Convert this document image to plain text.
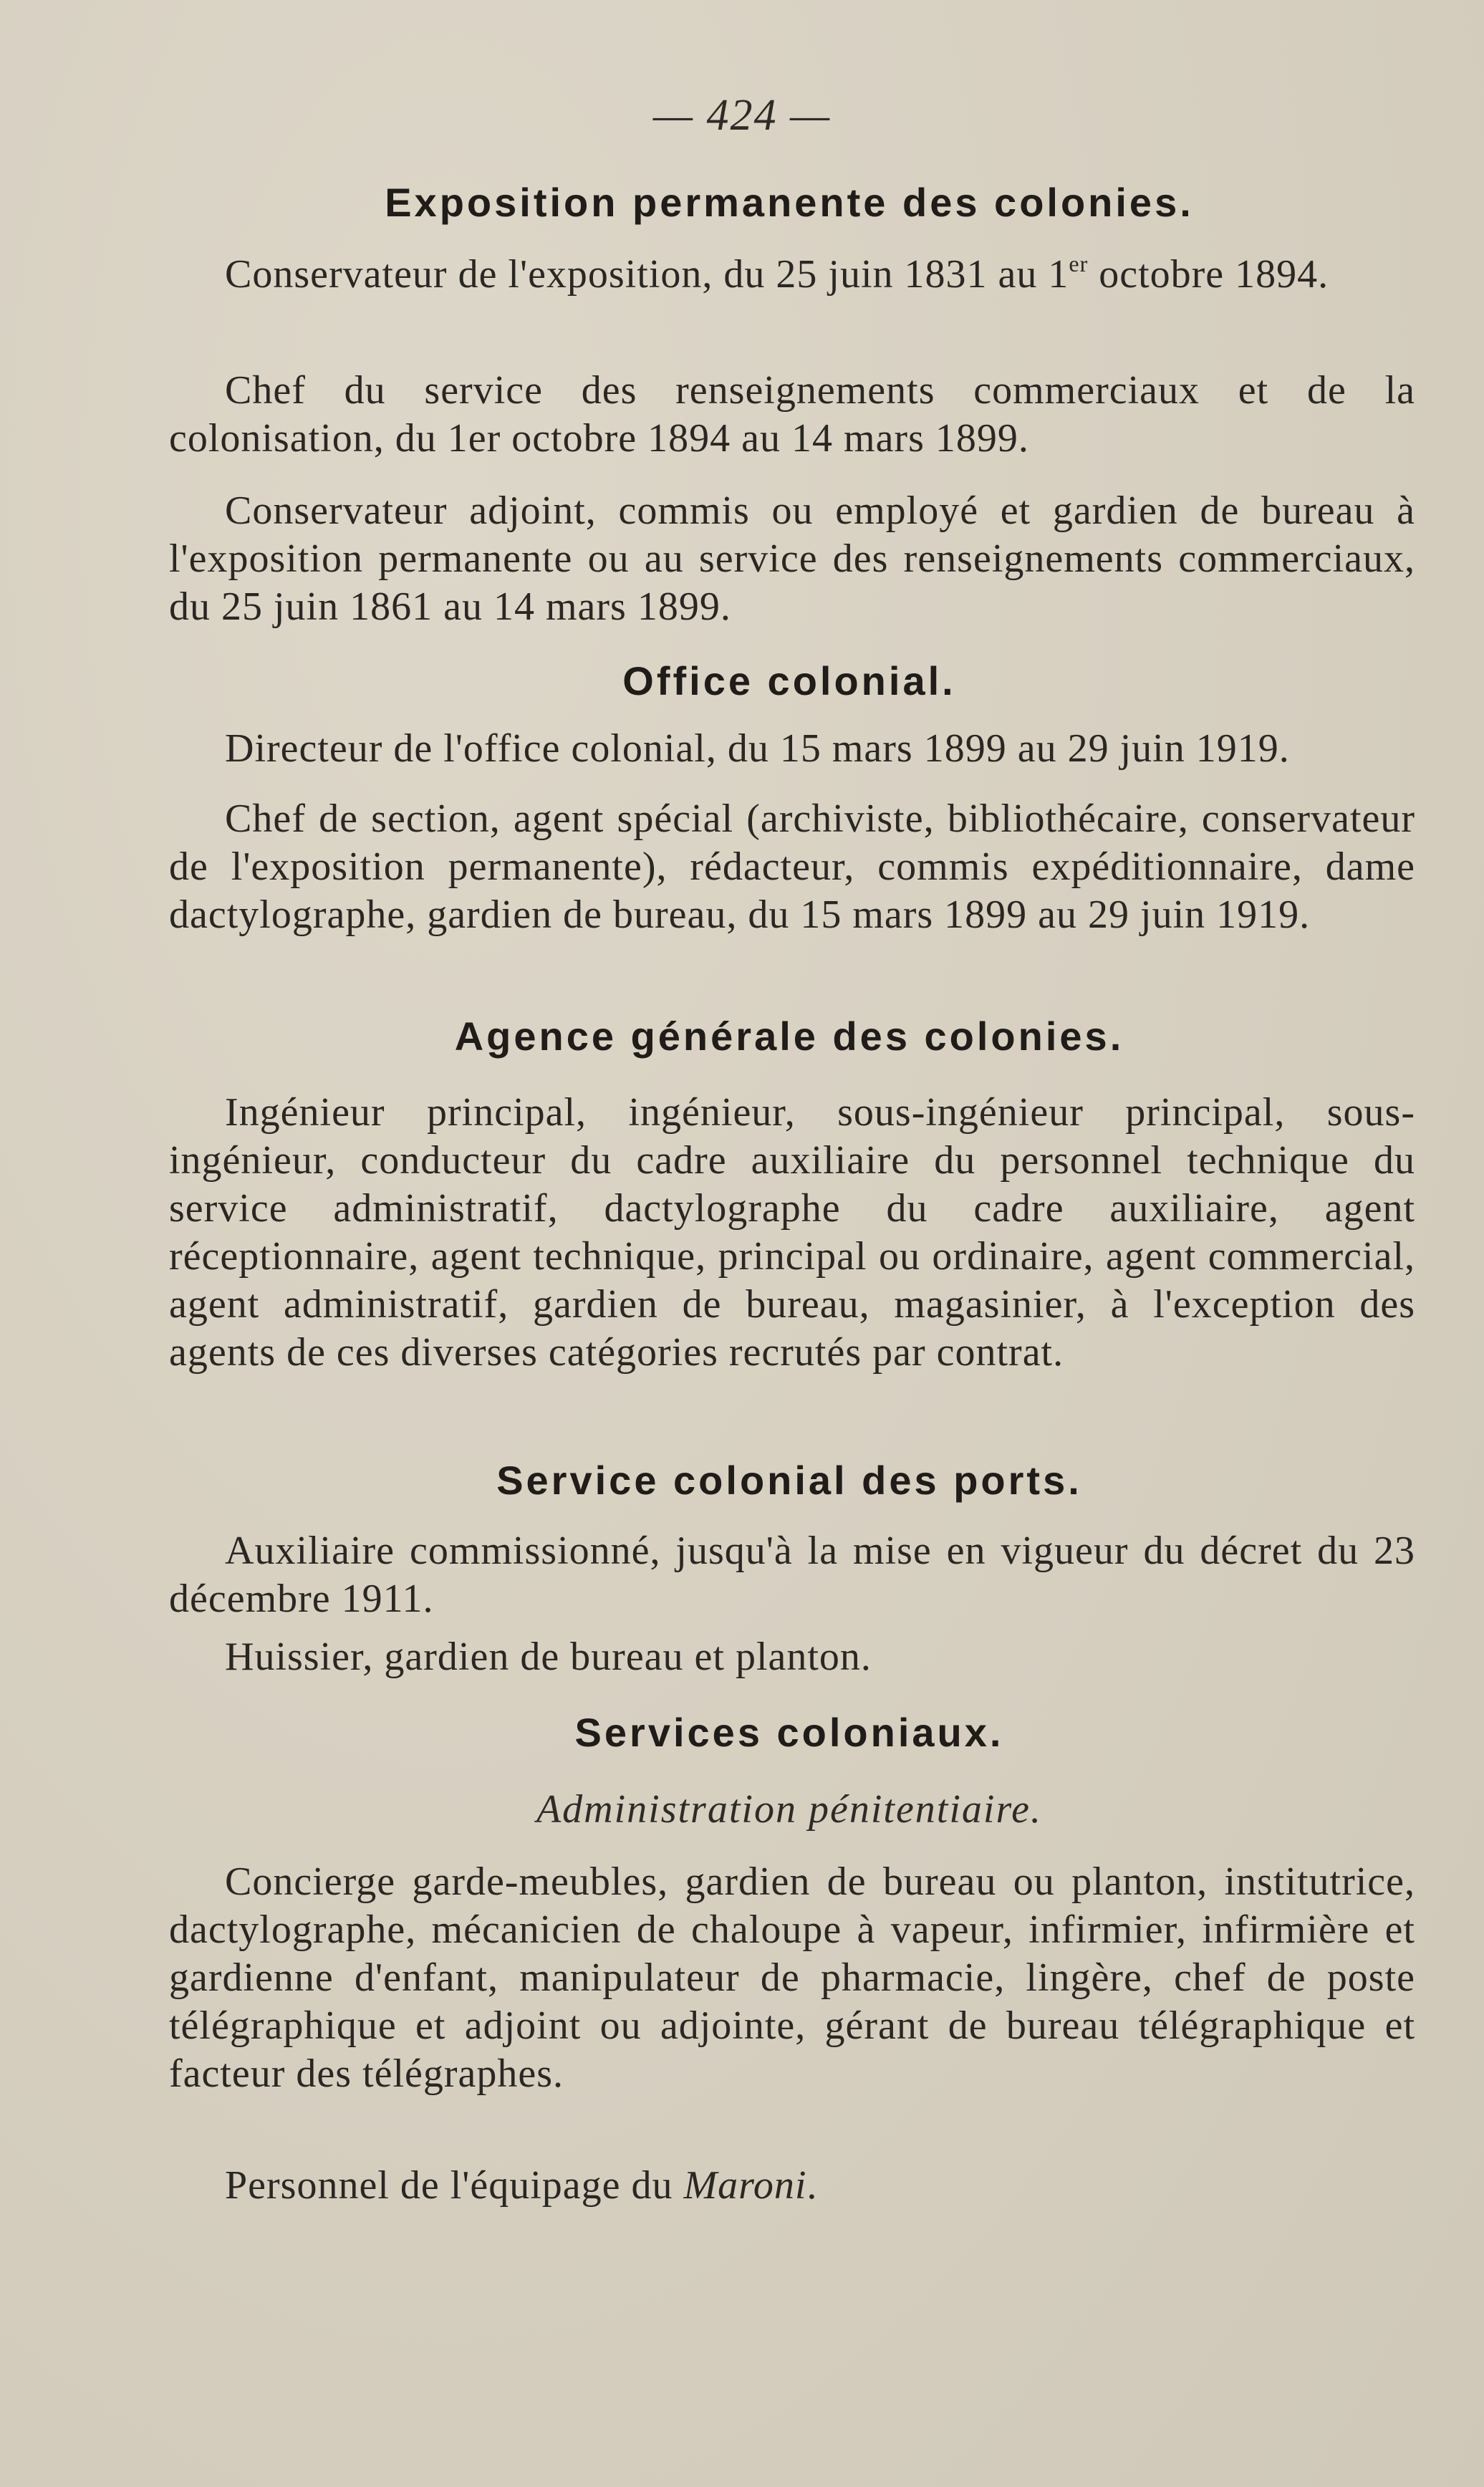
— 424 —
Exposition permanente des colonies.
Conservateur de l'exposition, du 25 juin 1831 au 1er octobre 1894.
Chef du service des renseignements commerciaux et de la colonisation, du 1er octobre 1894 au 14 mars 1899.
Conservateur adjoint, commis ou employé et gardien de bureau à l'exposition permanente ou au service des renseignements commerciaux, du 25 juin 1861 au 14 mars 1899.
Office colonial.
Directeur de l'office colonial, du 15 mars 1899 au 29 juin 1919.
Chef de section, agent spécial (archiviste, bibliothécaire, conservateur de l'exposition permanente), rédacteur, commis expéditionnaire, dame dactylographe, gardien de bureau, du 15 mars 1899 au 29 juin 1919.
Agence générale des colonies.
Ingénieur principal, ingénieur, sous-ingénieur principal, sous-ingénieur, conducteur du cadre auxiliaire du personnel technique du service administratif, dactylographe du cadre auxiliaire, agent réceptionnaire, agent technique, principal ou ordinaire, agent commercial, agent administratif, gardien de bureau, magasinier, à l'exception des agents de ces diverses catégories recrutés par contrat.
Service colonial des ports.
Auxiliaire commissionné, jusqu'à la mise en vigueur du décret du 23 décembre 1911.
Huissier, gardien de bureau et planton.
Services coloniaux.
Administration pénitentiaire.
Concierge garde-meubles, gardien de bureau ou planton, institutrice, dactylographe, mécanicien de chaloupe à vapeur, infirmier, infirmière et gardienne d'enfant, manipulateur de pharmacie, lingère, chef de poste télégraphique et adjoint ou adjointe, gérant de bureau télégraphique et facteur des télégraphes.
Personnel de l'équipage du Maroni.
